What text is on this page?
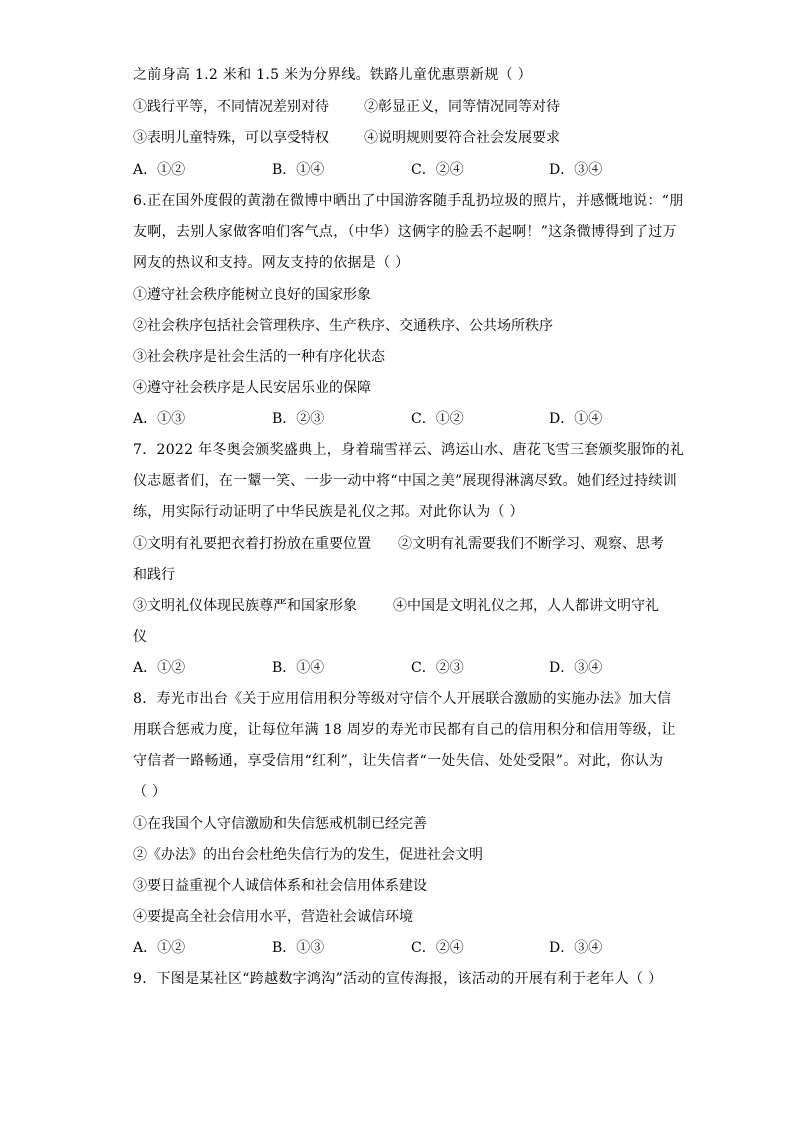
之前身高 1.2 米和 1.5 米为分界线。铁路儿童优惠票新规（ ）
①践行平等，不同情况差别对待	②彰显正义，同等情况同等对待
③表明儿童特殊，可以享受特权	④说明规则要符合社会发展要求
A．①②	B．①④	C．②④	D．③④
6.正在国外度假的黄渤在微博中晒出了中国游客随手乱扔垃圾的照片，并感慨地说：“朋
友啊，去别人家做客咱们客气点，（中华）这俩字的脸丢不起啊！”这条微博得到了过万
网友的热议和支持。网友支持的依据是（ ）
①遵守社会秩序能树立良好的国家形象
②社会秩序包括社会管理秩序、生产秩序、交通秩序、公共场所秩序
③社会秩序是社会生活的一种有序化状态
④遵守社会秩序是人民安居乐业的保障
A．①③	B．②③	C．①②	D．①④
7．2022 年冬奥会颁奖盛典上，身着瑞雪祥云、鸿运山水、唐花飞雪三套颁奖服饰的礼
仪志愿者们，在一颦一笑、一步一动中将“中国之美”展现得淋漓尽致。她们经过持续训
练，用实际行动证明了中华民族是礼仪之邦。对此你认为（ ）
①文明有礼要把衣着打扮放在重要位置 ②文明有礼需要我们不断学习、观察、思考
和践行
③文明礼仪体现民族尊严和国家形象	④中国是文明礼仪之邦，人人都讲文明守礼
仪
A．①②	B．①④	C．②③	D．③④
8．寿光市出台《关于应用信用积分等级对守信个人开展联合激励的实施办法》加大信
用联合惩戒力度，让每位年满 18 周岁的寿光市民都有自己的信用积分和信用等级，让
守信者一路畅通，享受信用“红利”，让失信者“一处失信、处处受限”。对此，你认为
（ ）
①在我国个人守信激励和失信惩戒机制已经完善
②《办法》的出台会杜绝失信行为的发生，促进社会文明
③要日益重视个人诚信体系和社会信用体系建设
④要提高全社会信用水平，营造社会诚信环境
A．①②	B．①③	C．②④	D．③④
9．下图是某社区“跨越数字鸿沟”活动的宣传海报，该活动的开展有利于老年人（ ）
